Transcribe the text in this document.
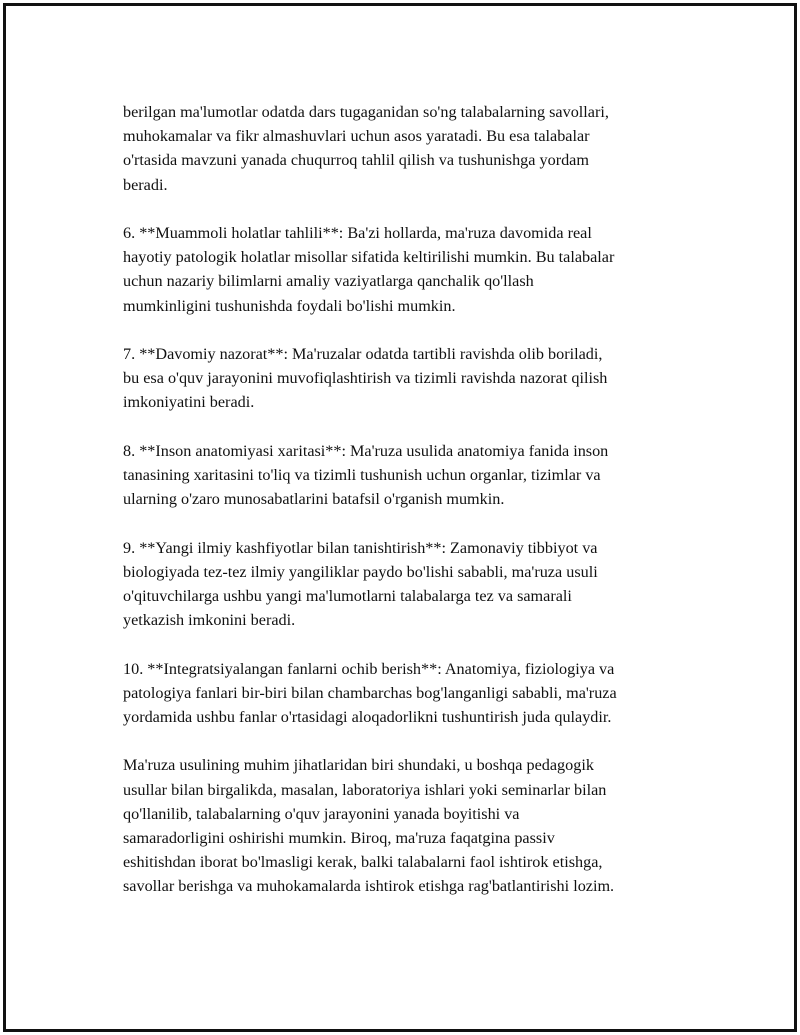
berilgan ma'lumotlar odatda dars tugaganidan so'ng talabalarning savollari,
muhokamalar va fikr almashuvlari uchun asos yaratadi. Bu esa talabalar
o'rtasida mavzuni yanada chuqurroq tahlil qilish va tushunishga yordam
beradi.

6. **Muammoli holatlar tahlili**: Ba'zi hollarda, ma'ruza davomida real
hayotiy patologik holatlar misollar sifatida keltirilishi mumkin. Bu talabalar
uchun nazariy bilimlarni amaliy vaziyatlarga qanchalik qo'llash
mumkinligini tushunishda foydali bo'lishi mumkin.

7. **Davomiy nazorat**: Ma'ruzalar odatda tartibli ravishda olib boriladi,
bu esa o'quv jarayonini muvofiqlashtirish va tizimli ravishda nazorat qilish
imkoniyatini beradi.

8. **Inson anatomiyasi xaritasi**: Ma'ruza usulida anatomiya fanida inson
tanasining xaritasini to'liq va tizimli tushunish uchun organlar, tizimlar va
ularning o'zaro munosabatlarini batafsil o'rganish mumkin.

9. **Yangi ilmiy kashfiyotlar bilan tanishtirish**: Zamonaviy tibbiyot va
biologiyada tez-tez ilmiy yangiliklar paydo bo'lishi sababli, ma'ruza usuli
o'qituvchilarga ushbu yangi ma'lumotlarni talabalarga tez va samarali
yetkazish imkonini beradi.

10. **Integratsiyalangan fanlarni ochib berish**: Anatomiya, fiziologiya va
patologiya fanlari bir-biri bilan chambarchas bog'langanligi sababli, ma'ruza
yordamida ushbu fanlar o'rtasidagi aloqadorlikni tushuntirish juda qulaydir.

Ma'ruza usulining muhim jihatlaridan biri shundaki, u boshqa pedagogik
usullar bilan birgalikda, masalan, laboratoriya ishlari yoki seminarlar bilan
qo'llanilib, talabalarning o'quv jarayonini yanada boyitishi va
samaradorligini oshirishi mumkin. Biroq, ma'ruza faqatgina passiv
eshitishdan iborat bo'lmasligi kerak, balki talabalarni faol ishtirok etishga,
savollar berishga va muhokamalarda ishtirok etishga rag'batlantirishi lozim.
